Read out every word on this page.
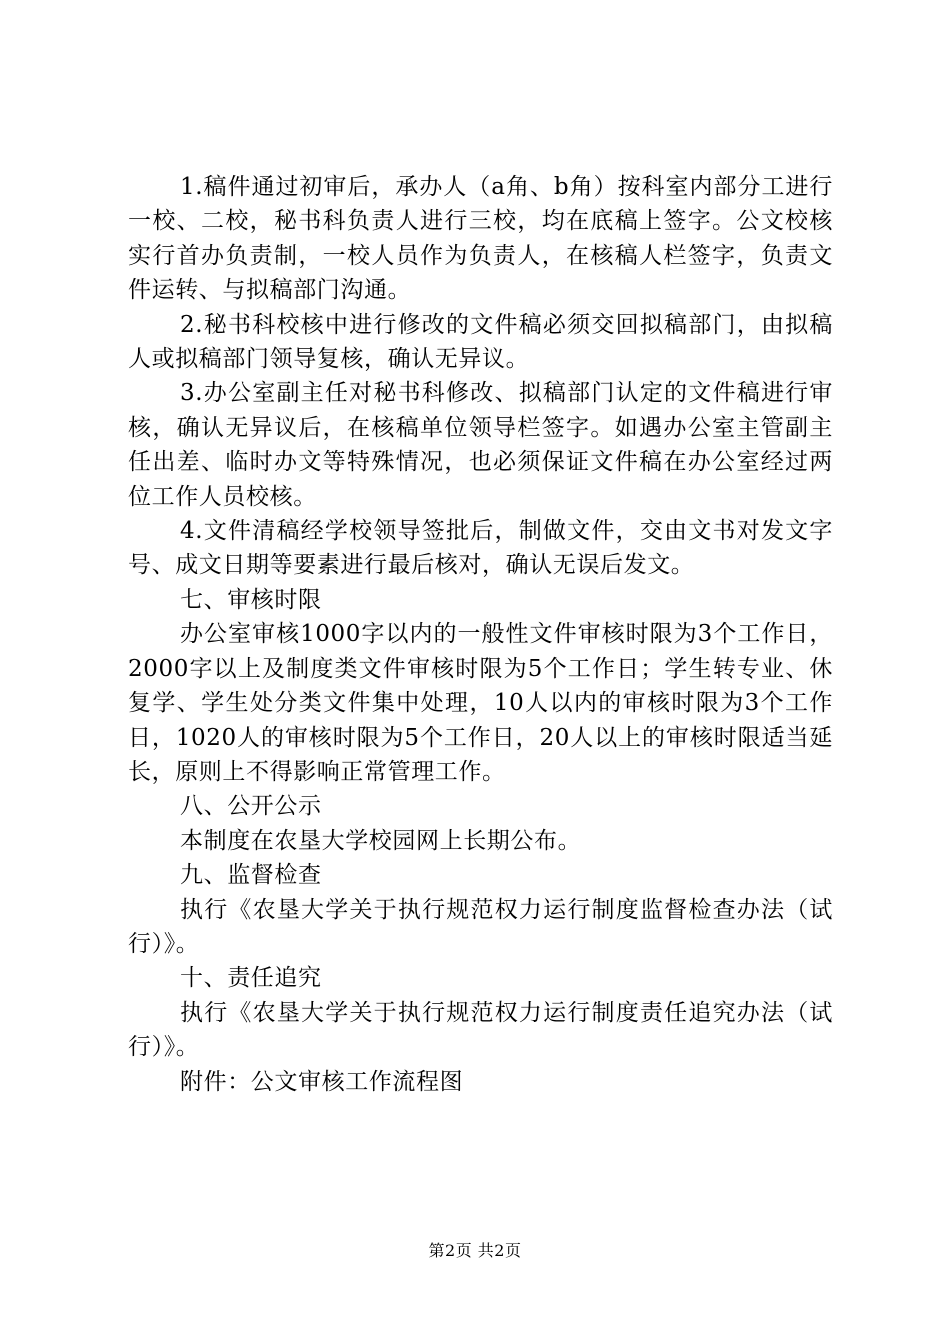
1.稿件通过初审后，承办人（a角、b角）按科室内部分工进行一校、二校，秘书科负责人进行三校，均在底稿上签字。公文校核实行首办负责制，一校人员作为负责人，在核稿人栏签字，负责文件运转、与拟稿部门沟通。

2.秘书科校核中进行修改的文件稿必须交回拟稿部门，由拟稿人或拟稿部门领导复核，确认无异议。

3.办公室副主任对秘书科修改、拟稿部门认定的文件稿进行审核，确认无异议后，在核稿单位领导栏签字。如遇办公室主管副主任出差、临时办文等特殊情况，也必须保证文件稿在办公室经过两位工作人员校核。

4.文件清稿经学校领导签批后，制做文件，交由文书对发文字号、成文日期等要素进行最后核对，确认无误后发文。

七、审核时限

办公室审核1000字以内的一般性文件审核时限为3个工作日，2000字以上及制度类文件审核时限为5个工作日；学生转专业、休复学、学生处分类文件集中处理，10人以内的审核时限为3个工作日，1020人的审核时限为5个工作日，20人以上的审核时限适当延长，原则上不得影响正常管理工作。

八、公开公示

本制度在农垦大学校园网上长期公布。

九、监督检查

执行《农垦大学关于执行规范权力运行制度监督检查办法（试行）》。

十、责任追究

执行《农垦大学关于执行规范权力运行制度责任追究办法（试行）》。

附件：公文审核工作流程图

第2页 共2页
